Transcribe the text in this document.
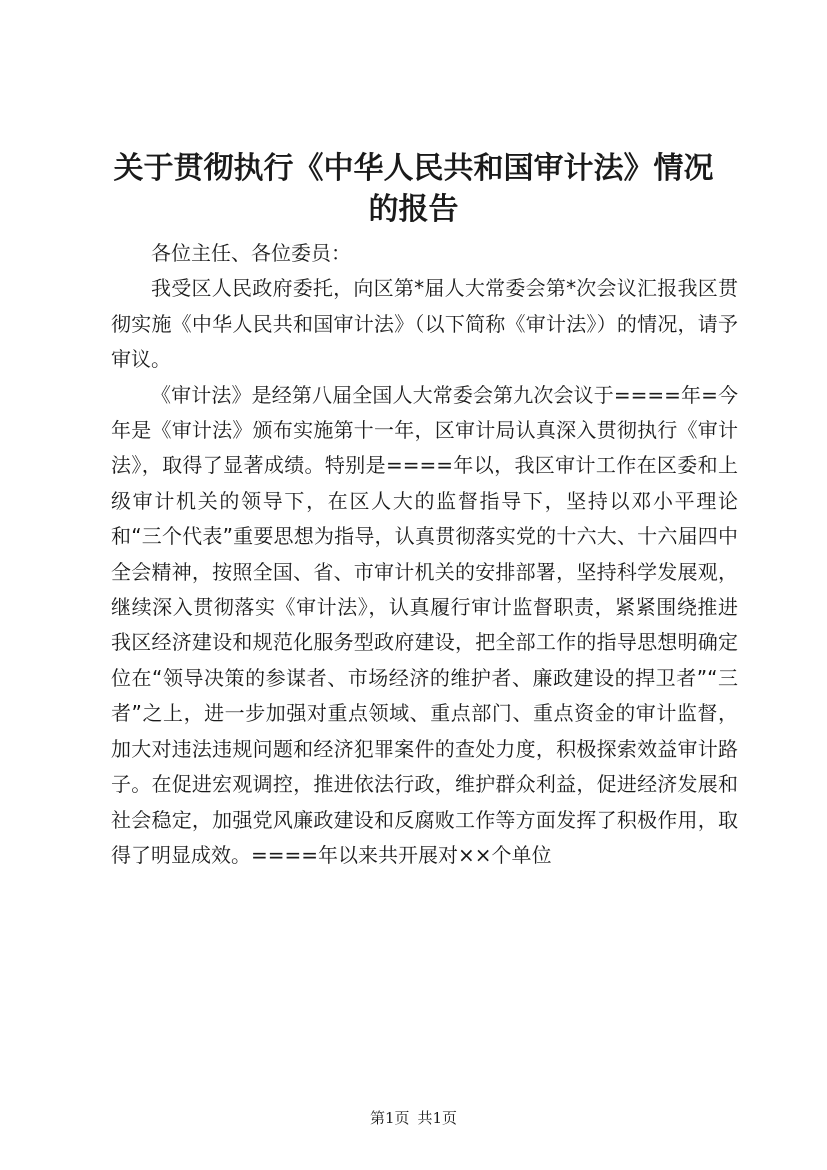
关于贯彻执行《中华人民共和国审计法》情况
的报告

各位主任、各位委员：

我受区人民政府委托，向区第*届人大常委会第*次会议汇报我区贯彻实施《中华人民共和国审计法》（以下简称《审计法》）的情况，请予审议。

《审计法》是经第八届全国人大常委会第九次会议于====年=今年是《审计法》颁布实施第十一年，区审计局认真深入贯彻执行《审计法》，取得了显著成绩。特别是====年以，我区审计工作在区委和上级审计机关的领导下，在区人大的监督指导下，坚持以邓小平理论和“三个代表”重要思想为指导，认真贯彻落实党的十六大、十六届四中全会精神，按照全国、省、市审计机关的安排部署，坚持科学发展观，继续深入贯彻落实《审计法》，认真履行审计监督职责，紧紧围绕推进我区经济建设和规范化服务型政府建设，把全部工作的指导思想明确定位在“领导决策的参谋者、市场经济的维护者、廉政建设的捍卫者”“三者”之上，进一步加强对重点领域、重点部门、重点资金的审计监督，加大对违法违规问题和经济犯罪案件的查处力度，积极探索效益审计路子。在促进宏观调控，推进依法行政，维护群众利益，促进经济发展和社会稳定，加强党风廉政建设和反腐败工作等方面发挥了积极作用，取得了明显成效。====年以来共开展对××个单位

第1页 共1页
